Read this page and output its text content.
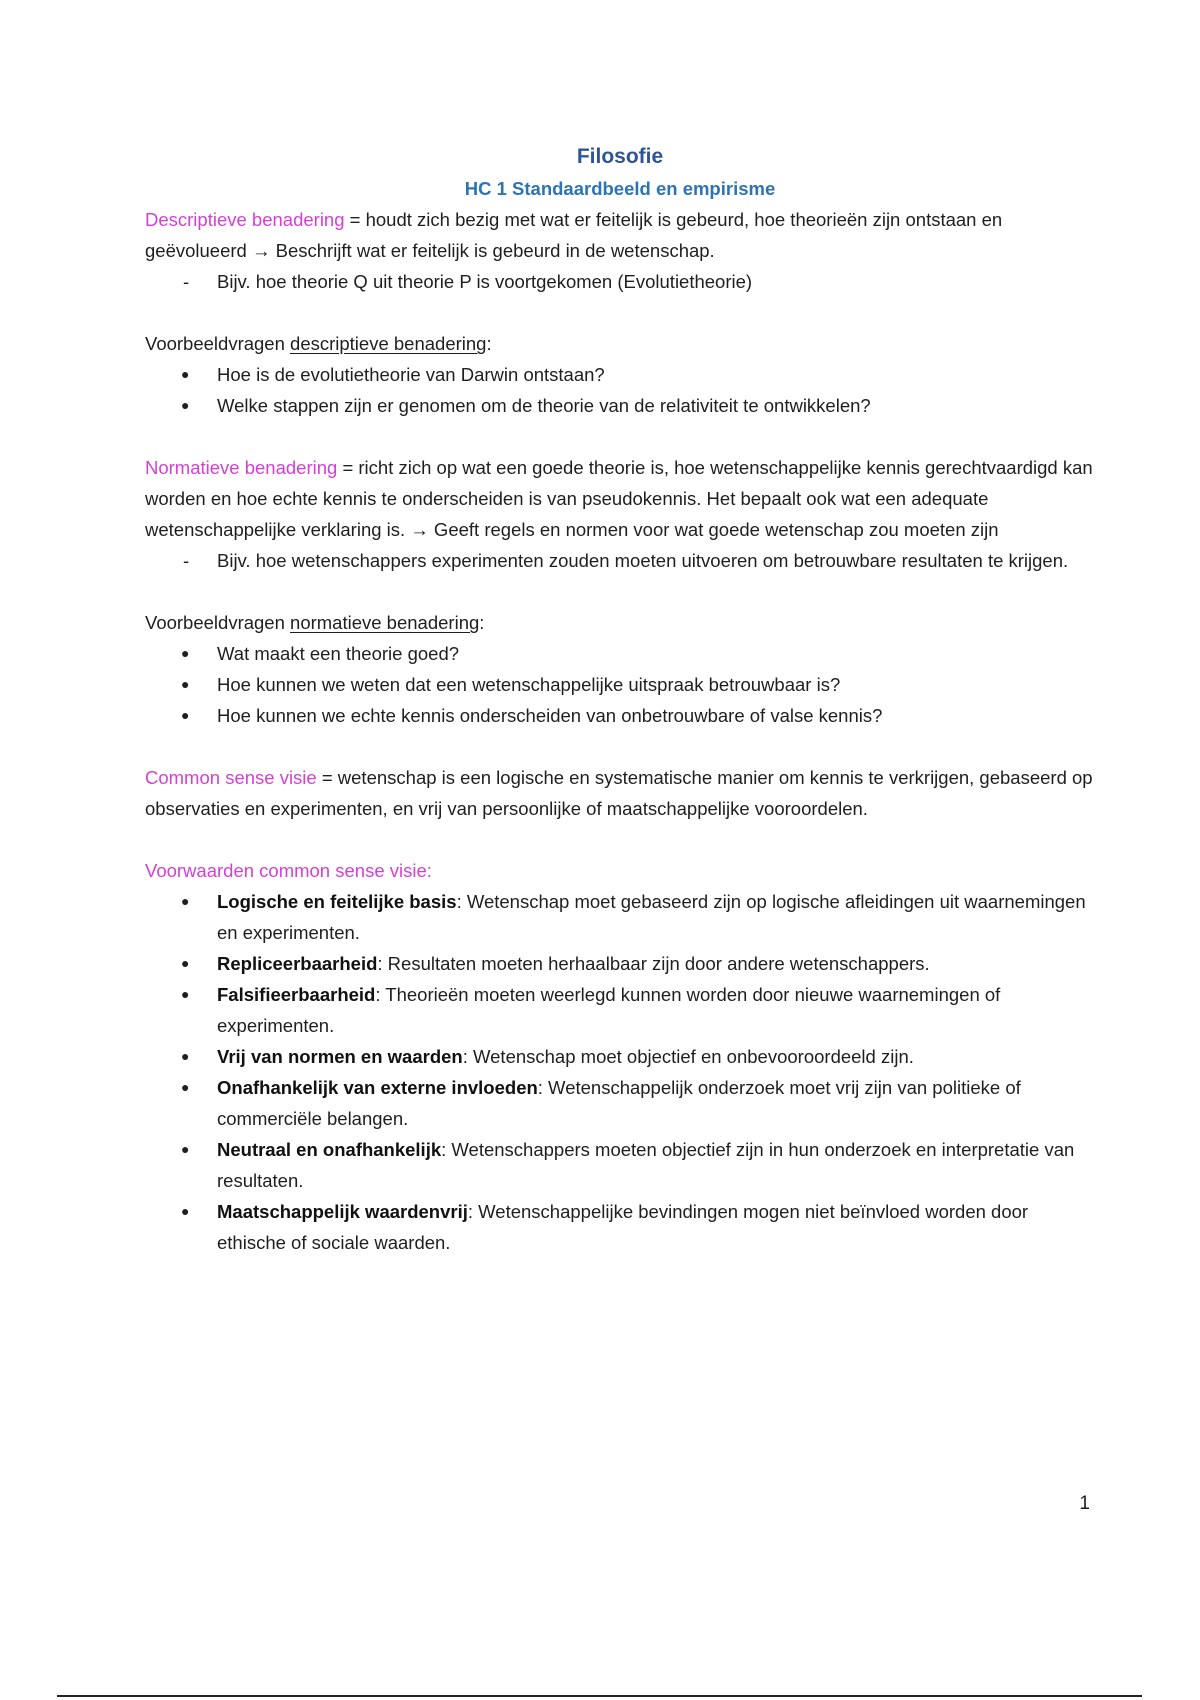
Filosofie

HC 1 Standaardbeeld en empirisme

Descriptieve benadering = houdt zich bezig met wat er feitelijk is gebeurd, hoe theorieën zijn ontstaan en geëvolueerd → Beschrijft wat er feitelijk is gebeurd in de wetenschap.

- Bijv. hoe theorie Q uit theorie P is voortgekomen (Evolutietheorie)

Voorbeeldvragen descriptieve benadering:

● Hoe is de evolutietheorie van Darwin ontstaan?
● Welke stappen zijn er genomen om de theorie van de relativiteit te ontwikkelen?

Normatieve benadering = richt zich op wat een goede theorie is, hoe wetenschappelijke kennis gerechtvaardigd kan worden en hoe echte kennis te onderscheiden is van pseudokennis. Het bepaalt ook wat een adequate wetenschappelijke verklaring is. → Geeft regels en normen voor wat goede wetenschap zou moeten zijn

- Bijv. hoe wetenschappers experimenten zouden moeten uitvoeren om betrouwbare resultaten te krijgen.

Voorbeeldvragen normatieve benadering:

● Wat maakt een theorie goed?
● Hoe kunnen we weten dat een wetenschappelijke uitspraak betrouwbaar is?
● Hoe kunnen we echte kennis onderscheiden van onbetrouwbare of valse kennis?

Common sense visie = wetenschap is een logische en systematische manier om kennis te verkrijgen, gebaseerd op observaties en experimenten, en vrij van persoonlijke of maatschappelijke vooroordelen.

Voorwaarden common sense visie:

● Logische en feitelijke basis: Wetenschap moet gebaseerd zijn op logische afleidingen uit waarnemingen en experimenten.
● Repliceerbaarheid: Resultaten moeten herhaalbaar zijn door andere wetenschappers.
● Falsifieerbaarheid: Theorieën moeten weerlegd kunnen worden door nieuwe waarnemingen of experimenten.
● Vrij van normen en waarden: Wetenschap moet objectief en onbevooroordeeld zijn.
● Onafhankelijk van externe invloeden: Wetenschappelijk onderzoek moet vrij zijn van politieke of commerciële belangen.
● Neutraal en onafhankelijk: Wetenschappers moeten objectief zijn in hun onderzoek en interpretatie van resultaten.
● Maatschappelijk waardenvrij: Wetenschappelijke bevindingen mogen niet beïnvloed worden door ethische of sociale waarden.
1
